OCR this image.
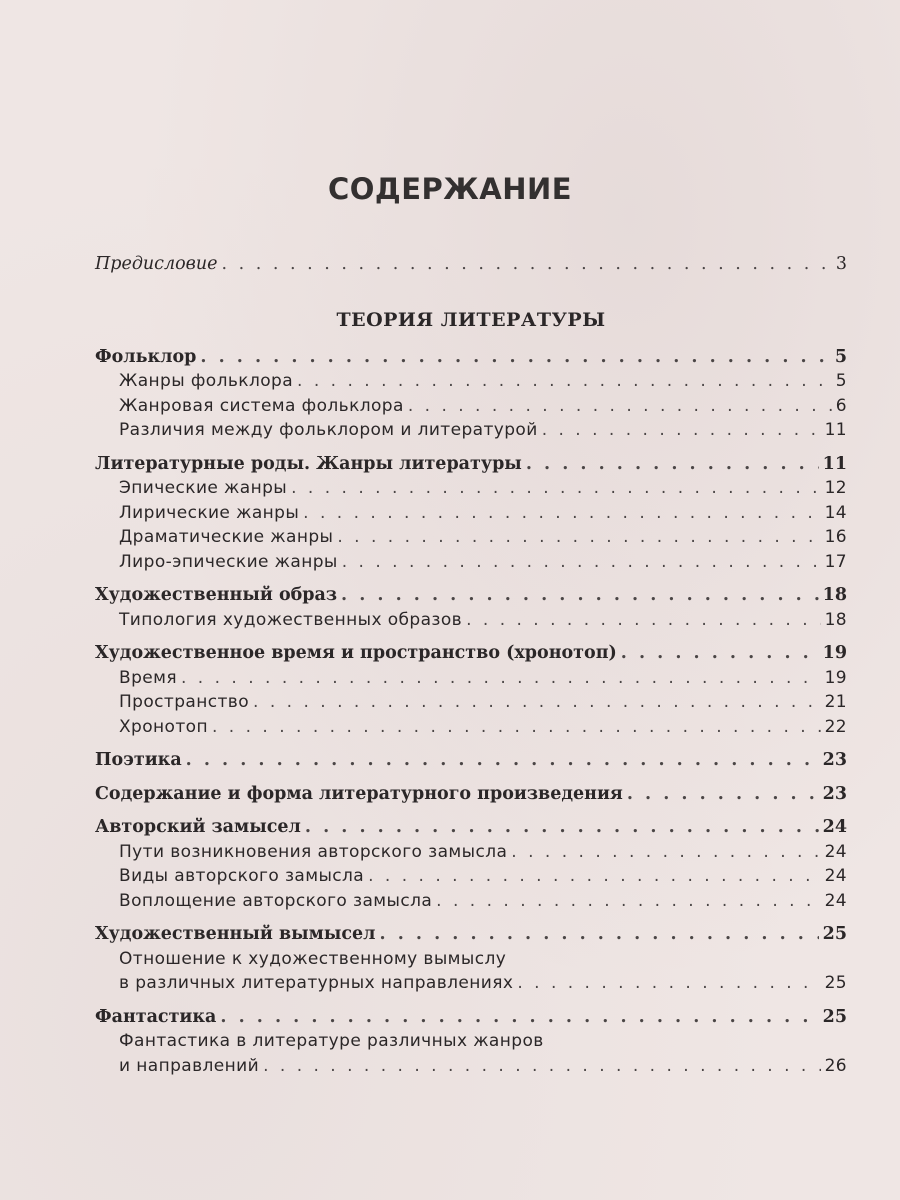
СОДЕРЖАНИЕ
Предисловие . . .	3
ТЕОРИЯ ЛИТЕРАТУРЫ
Фольклор . . .	5
Жанры фольклора . . .	5
Жанровая система фольклора . . .	6
Различия между фольклором и литературой . . .	11
Литературные роды. Жанры литературы . . .	11
Эпические жанры . . .	12
Лирические жанры . . .	14
Драматические жанры . . .	16
Лиро-эпические жанры . . .	17
Художественный образ . . .	18
Типология художественных образов . . .	18
Художественное время и пространство (хронотоп) . . .	19
Время . . .	19
Пространство . . .	21
Хронотоп . . .	22
Поэтика . . .	23
Содержание и форма литературного произведения . . .	23
Авторский замысел . . .	24
Пути возникновения авторского замысла . . .	24
Виды авторского замысла . . .	24
Воплощение авторского замысла . . .	24
Художественный вымысел . . .	25
Отношение к художественному вымыслу
в различных литературных направлениях . . .	25
Фантастика . . .	25
Фантастика в литературе различных жанров
и направлений . . .	26
